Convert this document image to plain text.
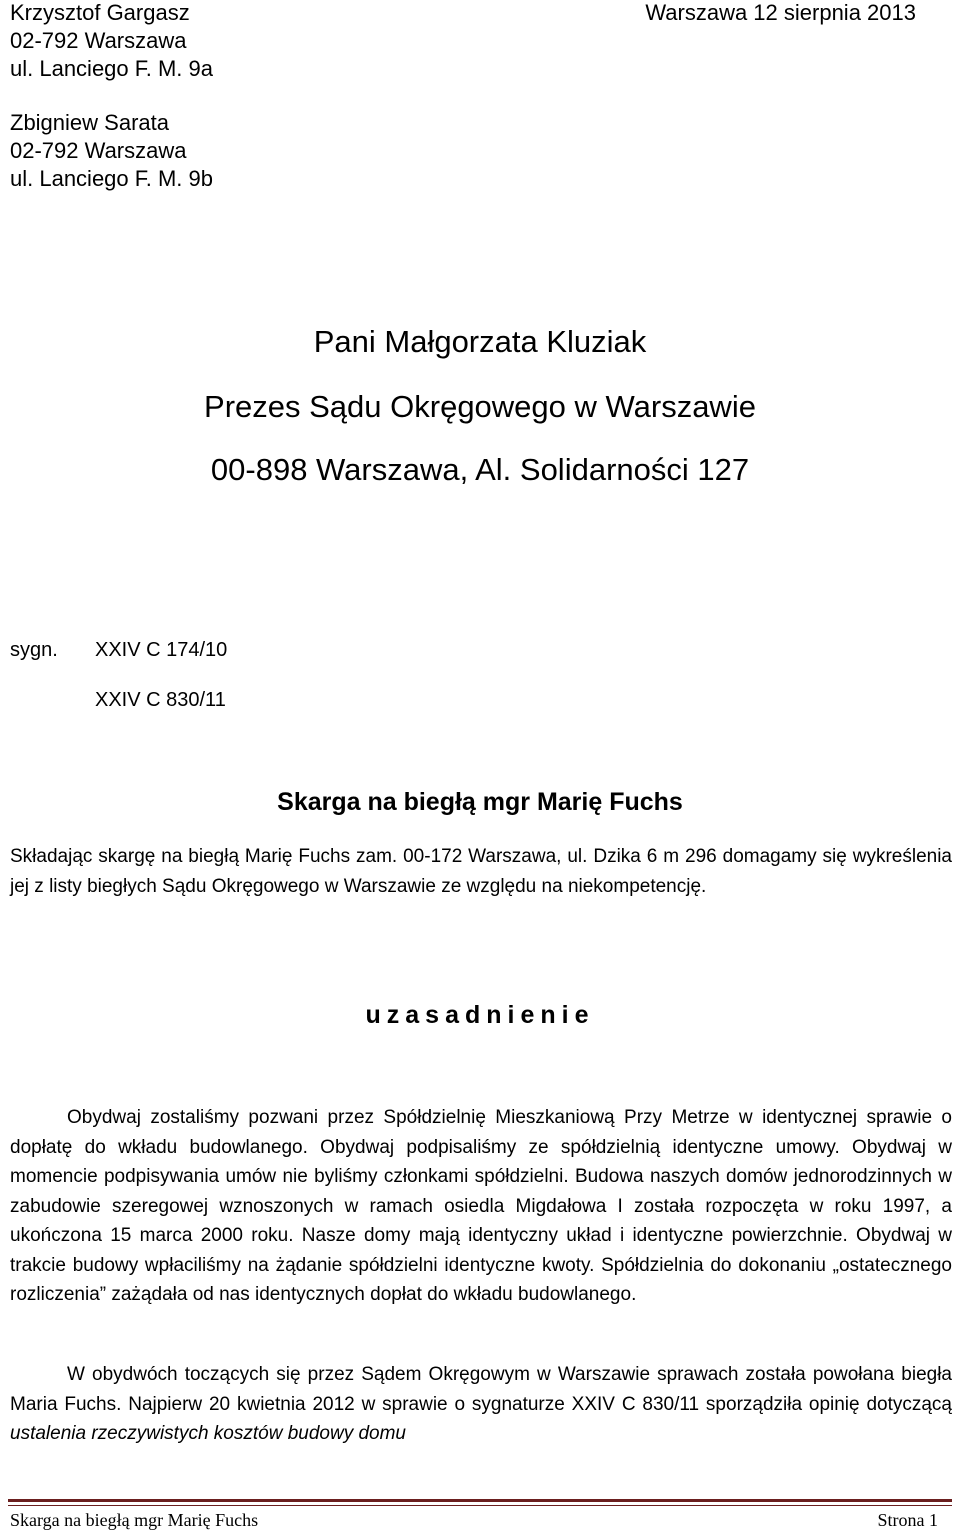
Krzysztof Gargasz
02-792 Warszawa
ul. Lanciego F. M. 9a
Warszawa 12 sierpnia 2013
Zbigniew Sarata
02-792 Warszawa
ul. Lanciego F. M. 9b
Pani Małgorzata Kluziak
Prezes Sądu Okręgowego w Warszawie
00-898 Warszawa, Al. Solidarności 127
sygn. XXIV C 174/10
XXIV C 830/11
Skarga na biegłą mgr Marię Fuchs
Składając skargę na biegłą Marię Fuchs zam. 00-172 Warszawa, ul. Dzika 6 m 296 domagamy się wykreślenia jej z listy biegłych Sądu Okręgowego w Warszawie ze względu na niekompetencję.
uzasadnienie
Obydwaj zostaliśmy pozwani przez Spółdzielnię Mieszkaniową Przy Metrze w identycznej sprawie o dopłatę do wkładu budowlanego. Obydwaj podpisaliśmy ze spółdzielnią identyczne umowy. Obydwaj w momencie podpisywania umów nie byliśmy członkami spółdzielni. Budowa naszych domów jednorodzinnych w zabudowie szeregowej wznoszonych w ramach osiedla Migdałowa I została rozpoczęta w roku 1997, a ukończona 15 marca 2000 roku. Nasze domy mają identyczny układ i identyczne powierzchnie. Obydwaj w trakcie budowy wpłaciliśmy na żądanie spółdzielni identyczne kwoty. Spółdzielnia do dokonaniu „ostatecznego rozliczenia” zażądała od nas identycznych dopłat do wkładu budowlanego.
W obydwóch toczących się przez Sądem Okręgowym w Warszawie sprawach została powołana biegła Maria Fuchs. Najpierw 20 kwietnia 2012 w sprawie o sygnaturze XXIV C 830/11 sporządziła opinię dotyczącą ustalenia rzeczywistych kosztów budowy domu
Skarga na biegłą mgr Marię Fuchs	Strona 1
